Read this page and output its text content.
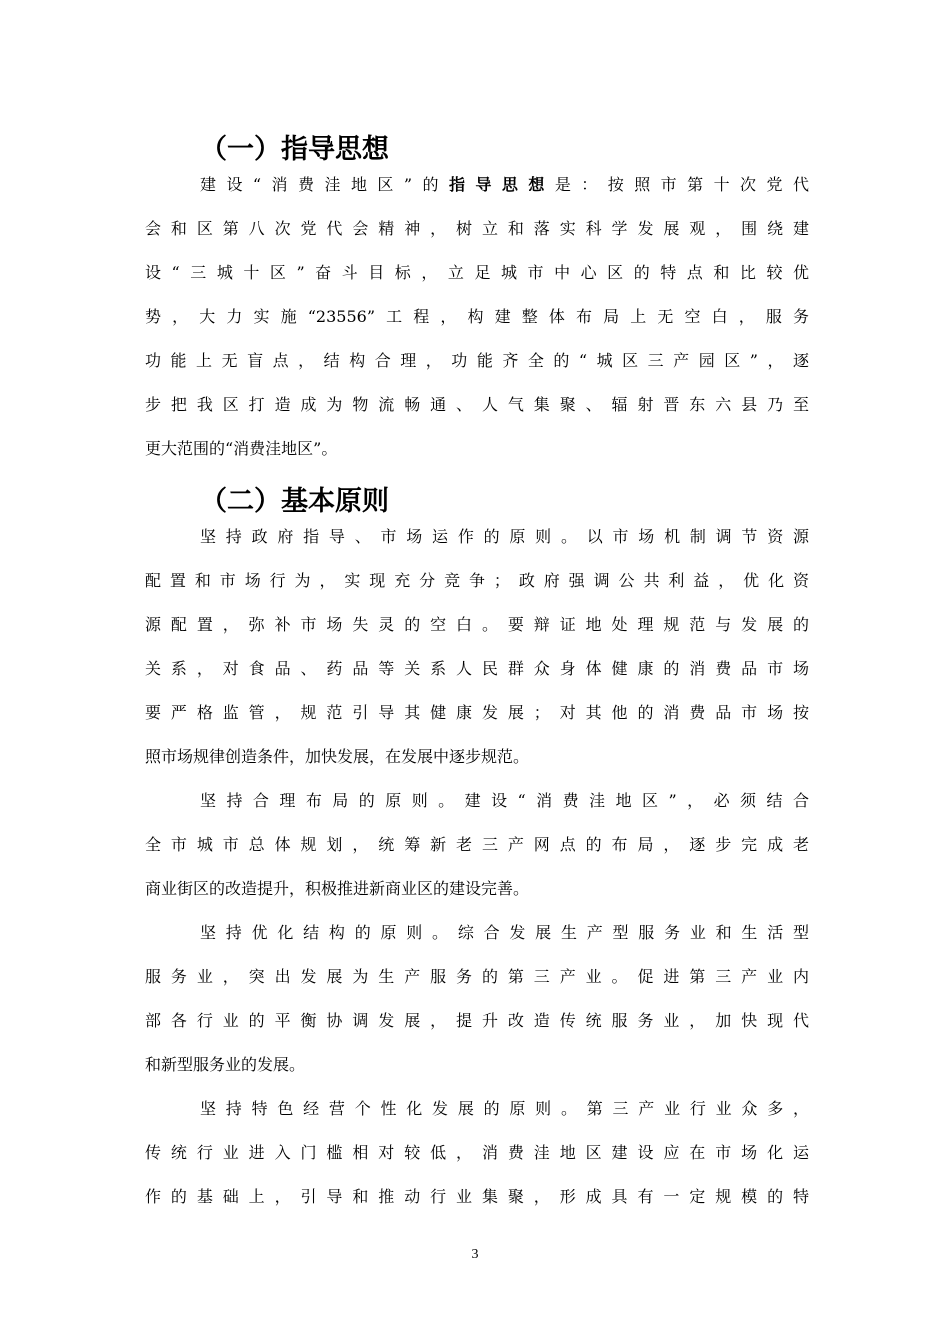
（一）指导思想
建设“消费洼地区”的指导思想是：按照市第十次党代
会和区第八次党代会精神，树立和落实科学发展观，围绕建
设“三城十区”奋斗目标，立足城市中心区的特点和比较优
势，大力实施“23556”工程，构建整体布局上无空白，服务
功能上无盲点，结构合理，功能齐全的“城区三产园区”，逐
步把我区打造成为物流畅通、人气集聚、辐射晋东六县乃至
更大范围的“消费洼地区”。
（二）基本原则
坚持政府指导、市场运作的原则。以市场机制调节资源
配置和市场行为，实现充分竞争；政府强调公共利益，优化资
源配置，弥补市场失灵的空白。要辩证地处理规范与发展的
关系，对食品、药品等关系人民群众身体健康的消费品市场
要严格监管，规范引导其健康发展；对其他的消费品市场按
照市场规律创造条件，加快发展，在发展中逐步规范。
坚持合理布局的原则。建设“消费洼地区”，必须结合
全市城市总体规划，统筹新老三产网点的布局，逐步完成老
商业街区的改造提升，积极推进新商业区的建设完善。
坚持优化结构的原则。综合发展生产型服务业和生活型
服务业，突出发展为生产服务的第三产业。促进第三产业内
部各行业的平衡协调发展，提升改造传统服务业，加快现代
和新型服务业的发展。
坚持特色经营个性化发展的原则。第三产业行业众多，
传统行业进入门槛相对较低，消费洼地区建设应在市场化运
作的基础上，引导和推动行业集聚，形成具有一定规模的特
3
